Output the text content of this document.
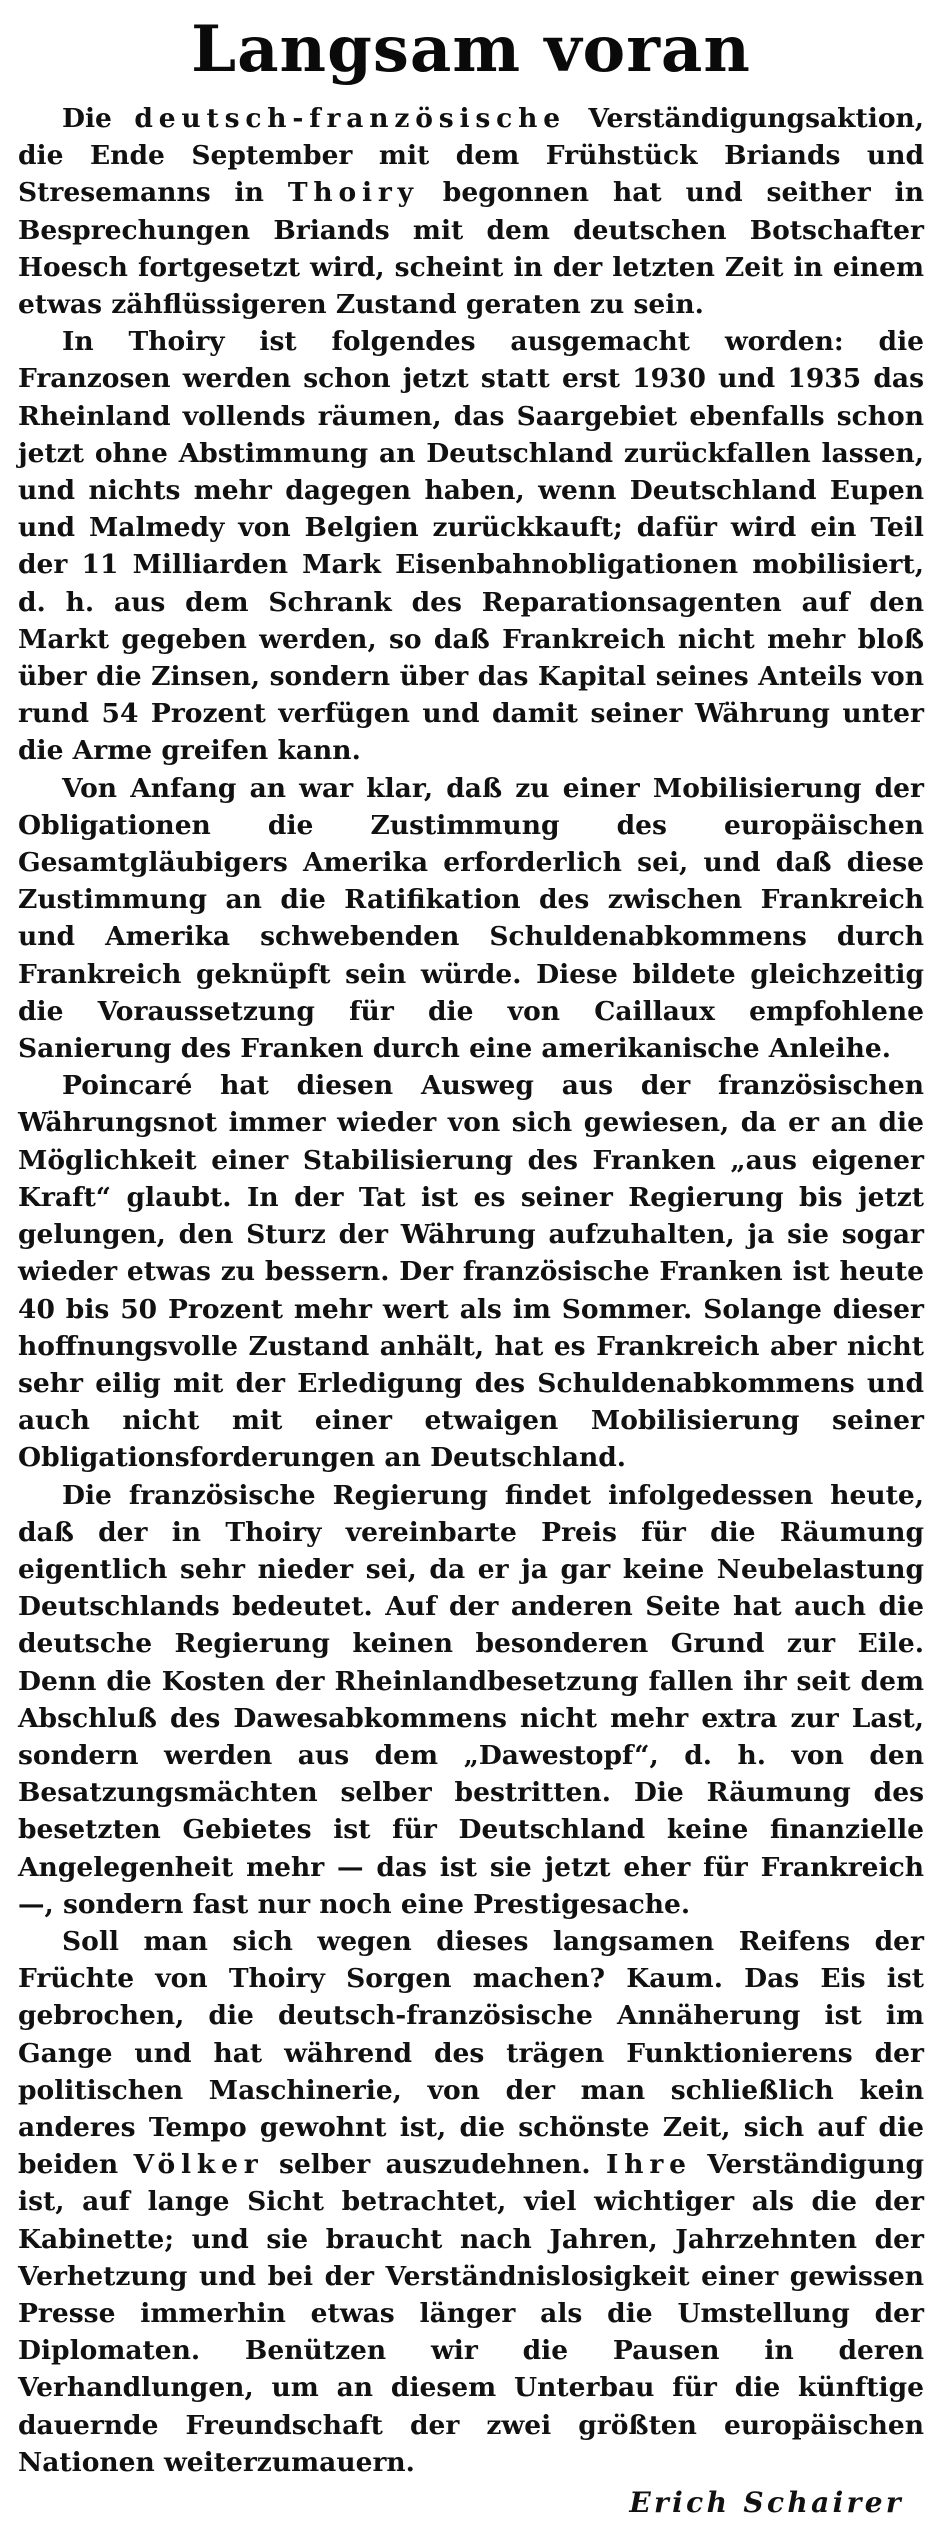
Langsam voran

Die deutsch-französische Verständigungsaktion, die Ende September mit dem Frühstück Briands und Stresemanns in Thoiry begonnen hat und seither in Besprechungen Briands mit dem deutschen Botschafter Hoesch fortgesetzt wird, scheint in der letzten Zeit in einem etwas zähflüssigeren Zustand geraten zu sein.

In Thoiry ist folgendes ausgemacht worden: die Franzosen werden schon jetzt statt erst 1930 und 1935 das Rheinland vollends räumen, das Saargebiet ebenfalls schon jetzt ohne Abstimmung an Deutschland zurückfallen lassen, und nichts mehr dagegen haben, wenn Deutschland Eupen und Malmedy von Belgien zurückkauft; dafür wird ein Teil der 11 Milliarden Mark Eisenbahnobligationen mobilisiert, d. h. aus dem Schrank des Reparationsagenten auf den Markt gegeben werden, so daß Frankreich nicht mehr bloß über die Zinsen, sondern über das Kapital seines Anteils von rund 54 Prozent verfügen und damit seiner Währung unter die Arme greifen kann.

Von Anfang an war klar, daß zu einer Mobilisierung der Obligationen die Zustimmung des europäischen Gesamtgläubigers Amerika erforderlich sei, und daß diese Zustimmung an die Ratifikation des zwischen Frankreich und Amerika schwebenden Schuldenabkommens durch Frankreich geknüpft sein würde. Diese bildete gleichzeitig die Voraussetzung für die von Caillaux empfohlene Sanierung des Franken durch eine amerikanische Anleihe.

Poincaré hat diesen Ausweg aus der französischen Währungsnot immer wieder von sich gewiesen, da er an die Möglichkeit einer Stabilisierung des Franken „aus eigener Kraft“ glaubt. In der Tat ist es seiner Regierung bis jetzt gelungen, den Sturz der Währung aufzuhalten, ja sie sogar wieder etwas zu bessern. Der französische Franken ist heute 40 bis 50 Prozent mehr wert als im Sommer. Solange dieser hoffnungsvolle Zustand anhält, hat es Frankreich aber nicht sehr eilig mit der Erledigung des Schuldenabkommens und auch nicht mit einer etwaigen Mobilisierung seiner Obligationsforderungen an Deutschland.

Die französische Regierung findet infolgedessen heute, daß der in Thoiry vereinbarte Preis für die Räumung eigentlich sehr nieder sei, da er ja gar keine Neubelastung Deutschlands bedeutet. Auf der anderen Seite hat auch die deutsche Regierung keinen besonderen Grund zur Eile. Denn die Kosten der Rheinlandbesetzung fallen ihr seit dem Abschluß des Dawesabkommens nicht mehr extra zur Last, sondern werden aus dem „Dawestopf“, d. h. von den Besatzungsmächten selber bestritten. Die Räumung des besetzten Gebietes ist für Deutschland keine finanzielle Angelegenheit mehr — das ist sie jetzt eher für Frankreich —, sondern fast nur noch eine Prestigesache.

Soll man sich wegen dieses langsamen Reifens der Früchte von Thoiry Sorgen machen? Kaum. Das Eis ist gebrochen, die deutsch-französische Annäherung ist im Gange und hat während des trägen Funktionierens der politischen Maschinerie, von der man schließlich kein anderes Tempo gewohnt ist, die schönste Zeit, sich auf die beiden Völker selber auszudehnen. Ihre Verständigung ist, auf lange Sicht betrachtet, viel wichtiger als die der Kabinette; und sie braucht nach Jahren, Jahrzehnten der Verhetzung und bei der Verständnislosigkeit einer gewissen Presse immerhin etwas länger als die Umstellung der Diplomaten. Benützen wir die Pausen in deren Verhandlungen, um an diesem Unterbau für die künftige dauernde Freundschaft der zwei größten europäischen Nationen weiterzumauern.

Erich Schairer
